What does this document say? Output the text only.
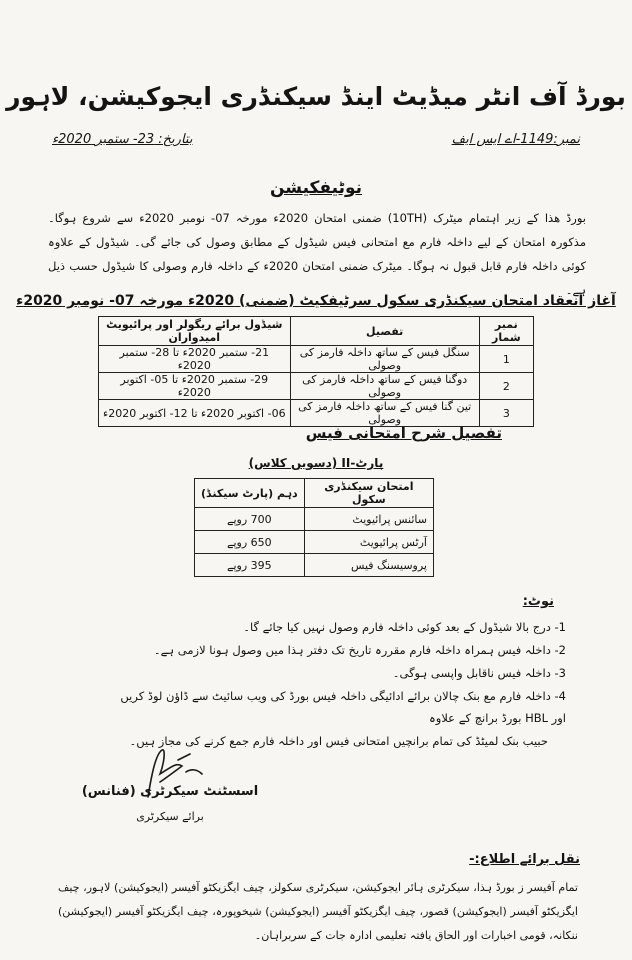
بورڈ آف انٹر میڈیٹ اینڈ سیکنڈری ایجوکیشن، لاہور
نمبر:1149-اے ایس ایف
بتاریخ: 23- ستمبر 2020ء
نوٹیفکیشن
بورڈ ھذا کے زیر اہتمام میٹرک (10TH) ضمنی امتحان 2020ء مورخہ 07- نومبر 2020ء سے شروع ہوگا۔ مذکورہ امتحان کے لیے داخلہ فارم مع امتحانی فیس شیڈول کے مطابق وصول کی جائے گی۔ شیڈول کے علاوہ کوئی داخلہ فارم قابل قبول نہ ہوگا۔ میٹرک ضمنی امتحان 2020ء کے داخلہ فارم وصولی کا شیڈول حسب ذیل ہے۔
آغاز انعقاد امتحان سیکنڈری سکول سرٹیفکیٹ (ضمنی) 2020ء مورخہ 07- نومبر 2020ء
نمبر شمار	تفصیل	شیڈول برائے ریگولر اور پرائیویٹ امیدواران
1	سنگل فیس کے ساتھ داخلہ فارمز کی وصولی	21- ستمبر 2020ء تا 28- ستمبر 2020ء
2	دوگنا فیس کے ساتھ داخلہ فارمز کی وصولی	29- ستمبر 2020ء تا 05- اکتوبر 2020ء
3	تین گنا فیس کے ساتھ داخلہ فارمز کی وصولی	06- اکتوبر 2020ء تا 12- اکتوبر 2020ء
تفصیل شرح امتحانی فیس
پارٹ-II (دسویں کلاس)
امتحان سیکنڈری سکول	دہم (پارٹ سیکنڈ)
سائنس پرائیویٹ	700 روپے
آرٹس پرائیویٹ	650 روپے
پروسیسنگ فیس	395 روپے
نوٹ:
1- درج بالا شیڈول کے بعد کوئی داخلہ فارم وصول نہیں کیا جائے گا۔
2- داخلہ فیس ہمراہ داخلہ فارم مقررہ تاریخ تک دفتر ہذا میں وصول ہونا لازمی ہے۔
3- داخلہ فیس ناقابل واپسی ہوگی۔
4- داخلہ فارم مع بنک چالان برائے ادائیگی داخلہ فیس بورڈ کی ویب سائیٹ سے ڈاؤن لوڈ کریں اور HBL بورڈ برانچ کے علاوہ
حبیب بنک لمیٹڈ کی تمام برانچیں امتحانی فیس اور داخلہ فارم جمع کرنے کی مجاز ہیں۔
اسسٹنٹ سیکرٹری (فنانس)
برائے سیکرٹری
نقل برائے اطلاع:-
تمام آفیسر ز بورڈ ہذا، سیکرٹری ہائر ایجوکیشن، سیکرٹری سکولز، چیف ایگزیکٹو آفیسر (ایجوکیشن) لاہور، چیف ایگزیکٹو آفیسر (ایجوکیشن) قصور، چیف ایگزیکٹو آفیسر (ایجوکیشن) شیخوپورہ، چیف ایگزیکٹو آفیسر (ایجوکیشن) ننکانہ، قومی اخبارات اور الحاق یافتہ تعلیمی ادارہ جات کے سربراہان۔
